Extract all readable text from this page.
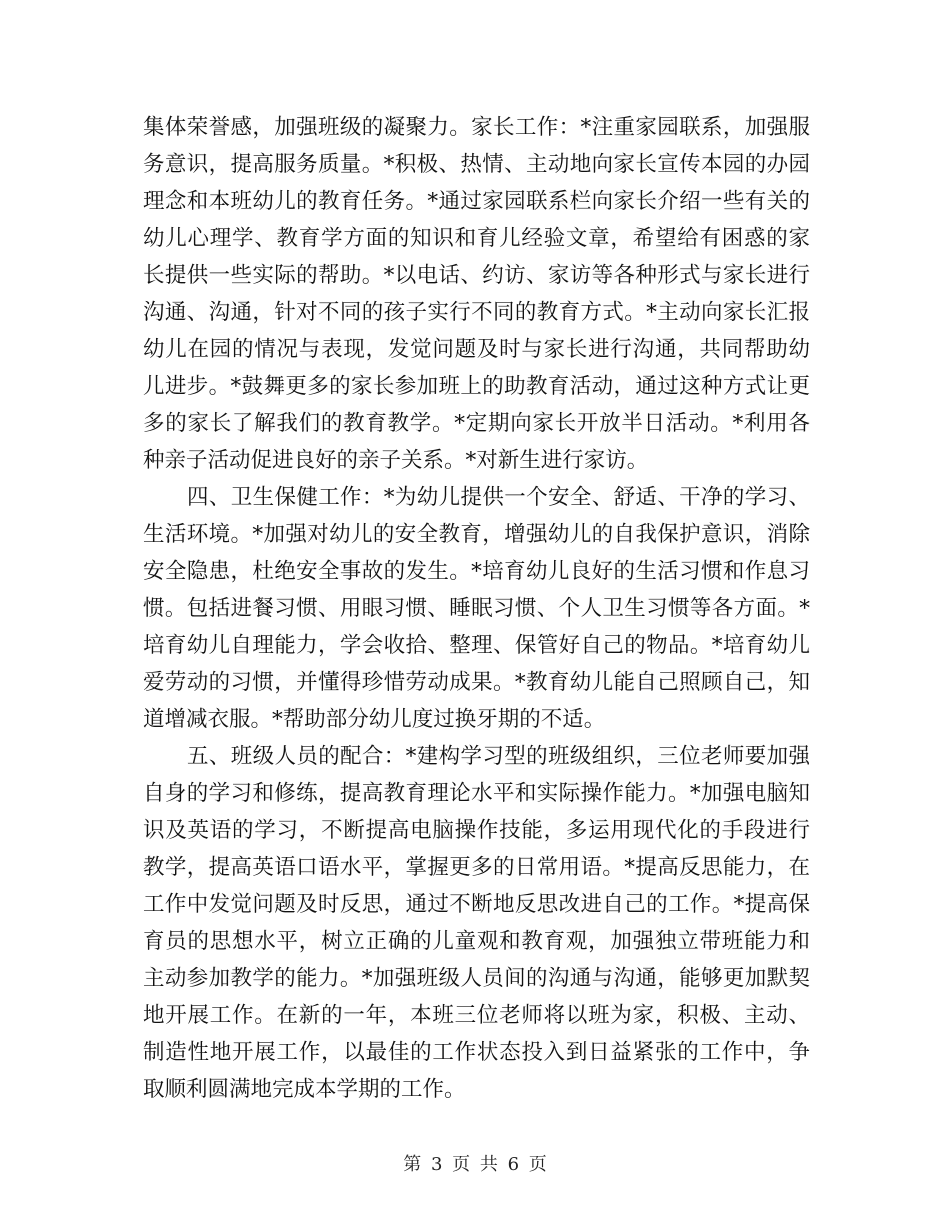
集体荣誉感，加强班级的凝聚力。家长工作：*注重家园联系，加强服
务意识，提高服务质量。*积极、热情、主动地向家长宣传本园的办园
理念和本班幼儿的教育任务。*通过家园联系栏向家长介绍一些有关的
幼儿心理学、教育学方面的知识和育儿经验文章，希望给有困惑的家
长提供一些实际的帮助。*以电话、约访、家访等各种形式与家长进行
沟通、沟通，针对不同的孩子实行不同的教育方式。*主动向家长汇报
幼儿在园的情况与表现，发觉问题及时与家长进行沟通，共同帮助幼
儿进步。*鼓舞更多的家长参加班上的助教育活动，通过这种方式让更
多的家长了解我们的教育教学。*定期向家长开放半日活动。*利用各
种亲子活动促进良好的亲子关系。*对新生进行家访。
四、卫生保健工作：*为幼儿提供一个安全、舒适、干净的学习、
生活环境。*加强对幼儿的安全教育，增强幼儿的自我保护意识，消除
安全隐患，杜绝安全事故的发生。*培育幼儿良好的生活习惯和作息习
惯。包括进餐习惯、用眼习惯、睡眠习惯、个人卫生习惯等各方面。*
培育幼儿自理能力，学会收拾、整理、保管好自己的物品。*培育幼儿
爱劳动的习惯，并懂得珍惜劳动成果。*教育幼儿能自己照顾自己，知
道增减衣服。*帮助部分幼儿度过换牙期的不适。
五、班级人员的配合：*建构学习型的班级组织，三位老师要加强
自身的学习和修练，提高教育理论水平和实际操作能力。*加强电脑知
识及英语的学习，不断提高电脑操作技能，多运用现代化的手段进行
教学，提高英语口语水平，掌握更多的日常用语。*提高反思能力，在
工作中发觉问题及时反思，通过不断地反思改进自己的工作。*提高保
育员的思想水平，树立正确的儿童观和教育观，加强独立带班能力和
主动参加教学的能力。*加强班级人员间的沟通与沟通，能够更加默契
地开展工作。在新的一年，本班三位老师将以班为家，积极、主动、
制造性地开展工作，以最佳的工作状态投入到日益紧张的工作中，争
取顺利圆满地完成本学期的工作。
第 3 页 共 6 页
